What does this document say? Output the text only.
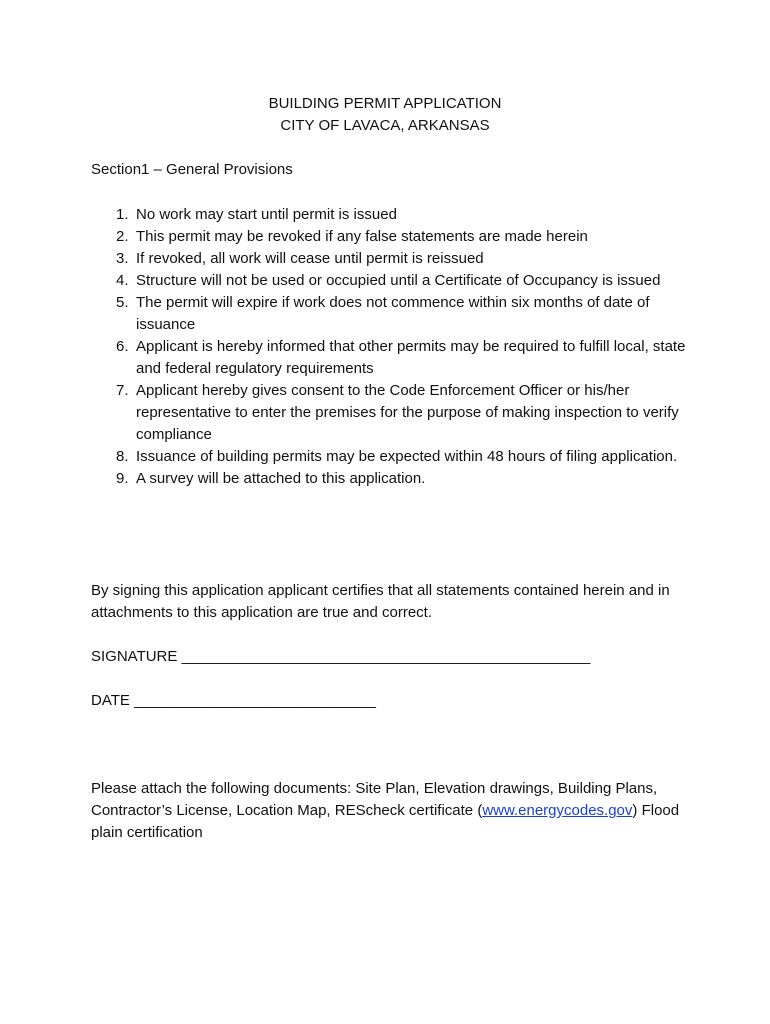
BUILDING PERMIT APPLICATION
CITY OF LAVACA, ARKANSAS
Section1 – General Provisions
1. No work may start until permit is issued
2. This permit may be revoked if any false statements are made herein
3. If revoked, all work will cease until permit is reissued
4. Structure will not be used or occupied until a Certificate of Occupancy is issued
5. The permit will expire if work does not commence within six months of date of issuance
6. Applicant is hereby informed that other permits may be required to fulfill local, state and federal regulatory requirements
7. Applicant hereby gives consent to the Code Enforcement Officer or his/her representative to enter the premises for the purpose of making inspection to verify compliance
8. Issuance of building permits may be expected within 48 hours of filing application.
9. A survey will be attached to this application.
By signing this application applicant certifies that all statements contained herein and in attachments to this application are true and correct.
SIGNATURE _________________________________________________
DATE _____________________________
Please attach the following documents: Site Plan, Elevation drawings, Building Plans, Contractor’s License, Location Map, REScheck certificate (www.energycodes.gov) Flood plain certification
